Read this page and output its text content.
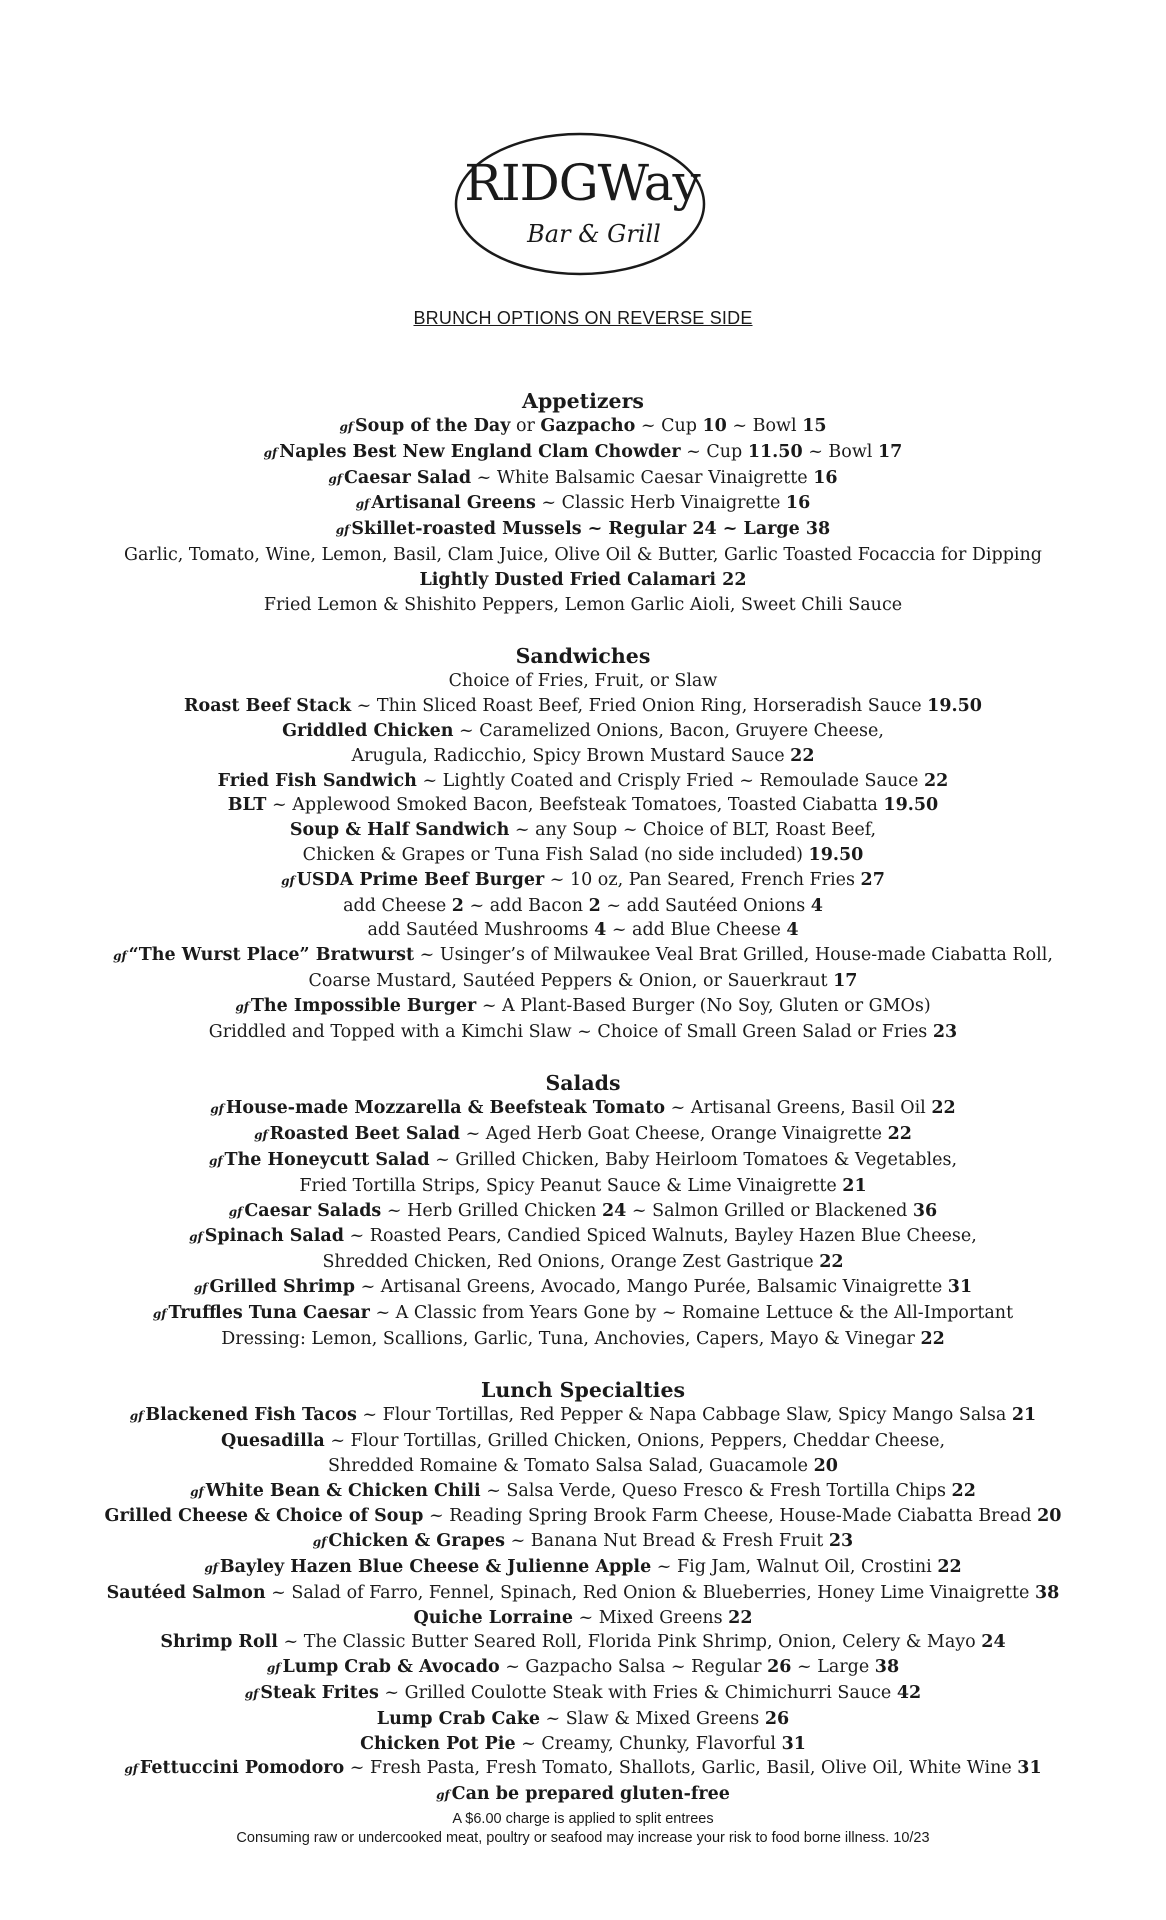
RIDGWay
Bar & Grill
BRUNCH OPTIONS ON REVERSE SIDE
Appetizers
gf Soup of the Day or Gazpacho ~ Cup 10 ~ Bowl 15
gf Naples Best New England Clam Chowder ~ Cup 11.50 ~ Bowl 17
gf Caesar Salad ~ White Balsamic Caesar Vinaigrette 16
gf Artisanal Greens ~ Classic Herb Vinaigrette 16
gf Skillet-roasted Mussels ~ Regular 24 ~ Large 38
Garlic, Tomato, Wine, Lemon, Basil, Clam Juice, Olive Oil & Butter, Garlic Toasted Focaccia for Dipping
Lightly Dusted Fried Calamari 22
Fried Lemon & Shishito Peppers, Lemon Garlic Aioli, Sweet Chili Sauce
Sandwiches
Choice of Fries, Fruit, or Slaw
Roast Beef Stack ~ Thin Sliced Roast Beef, Fried Onion Ring, Horseradish Sauce 19.50
Griddled Chicken ~ Caramelized Onions, Bacon, Gruyere Cheese,
Arugula, Radicchio, Spicy Brown Mustard Sauce 22
Fried Fish Sandwich ~ Lightly Coated and Crisply Fried ~ Remoulade Sauce 22
BLT ~ Applewood Smoked Bacon, Beefsteak Tomatoes, Toasted Ciabatta 19.50
Soup & Half Sandwich ~ any Soup ~ Choice of BLT, Roast Beef,
Chicken & Grapes or Tuna Fish Salad (no side included) 19.50
gf USDA Prime Beef Burger ~ 10 oz, Pan Seared, French Fries 27
add Cheese 2 ~ add Bacon 2 ~ add Sautéed Onions 4
add Sautéed Mushrooms 4 ~ add Blue Cheese 4
gf “The Wurst Place” Bratwurst ~ Usinger’s of Milwaukee Veal Brat Grilled, House-made Ciabatta Roll,
Coarse Mustard, Sautéed Peppers & Onion, or Sauerkraut 17
gf The Impossible Burger ~ A Plant-Based Burger (No Soy, Gluten or GMOs)
Griddled and Topped with a Kimchi Slaw ~ Choice of Small Green Salad or Fries 23
Salads
gf House-made Mozzarella & Beefsteak Tomato ~ Artisanal Greens, Basil Oil 22
gf Roasted Beet Salad ~ Aged Herb Goat Cheese, Orange Vinaigrette 22
gf The Honeycutt Salad ~ Grilled Chicken, Baby Heirloom Tomatoes & Vegetables,
Fried Tortilla Strips, Spicy Peanut Sauce & Lime Vinaigrette 21
gf Caesar Salads ~ Herb Grilled Chicken 24 ~ Salmon Grilled or Blackened 36
gf Spinach Salad ~ Roasted Pears, Candied Spiced Walnuts, Bayley Hazen Blue Cheese,
Shredded Chicken, Red Onions, Orange Zest Gastrique 22
gf Grilled Shrimp ~ Artisanal Greens, Avocado, Mango Purée, Balsamic Vinaigrette 31
gf Truffles Tuna Caesar ~ A Classic from Years Gone by ~ Romaine Lettuce & the All-Important
Dressing: Lemon, Scallions, Garlic, Tuna, Anchovies, Capers, Mayo & Vinegar 22
Lunch Specialties
gf Blackened Fish Tacos ~ Flour Tortillas, Red Pepper & Napa Cabbage Slaw, Spicy Mango Salsa 21
Quesadilla ~ Flour Tortillas, Grilled Chicken, Onions, Peppers, Cheddar Cheese,
Shredded Romaine & Tomato Salsa Salad, Guacamole 20
gf White Bean & Chicken Chili ~ Salsa Verde, Queso Fresco & Fresh Tortilla Chips 22
Grilled Cheese & Choice of Soup ~ Reading Spring Brook Farm Cheese, House-Made Ciabatta Bread 20
gf Chicken & Grapes ~ Banana Nut Bread & Fresh Fruit 23
gf Bayley Hazen Blue Cheese & Julienne Apple ~ Fig Jam, Walnut Oil, Crostini 22
Sautéed Salmon ~ Salad of Farro, Fennel, Spinach, Red Onion & Blueberries, Honey Lime Vinaigrette 38
Quiche Lorraine ~ Mixed Greens 22
Shrimp Roll ~ The Classic Butter Seared Roll, Florida Pink Shrimp, Onion, Celery & Mayo 24
gf Lump Crab & Avocado ~ Gazpacho Salsa ~ Regular 26 ~ Large 38
gf Steak Frites ~ Grilled Coulotte Steak with Fries & Chimichurri Sauce 42
Lump Crab Cake ~ Slaw & Mixed Greens 26
Chicken Pot Pie ~ Creamy, Chunky, Flavorful 31
gf Fettuccini Pomodoro ~ Fresh Pasta, Fresh Tomato, Shallots, Garlic, Basil, Olive Oil, White Wine 31
gf Can be prepared gluten-free
A $6.00 charge is applied to split entrees
Consuming raw or undercooked meat, poultry or seafood may increase your risk to food borne illness. 10/23
